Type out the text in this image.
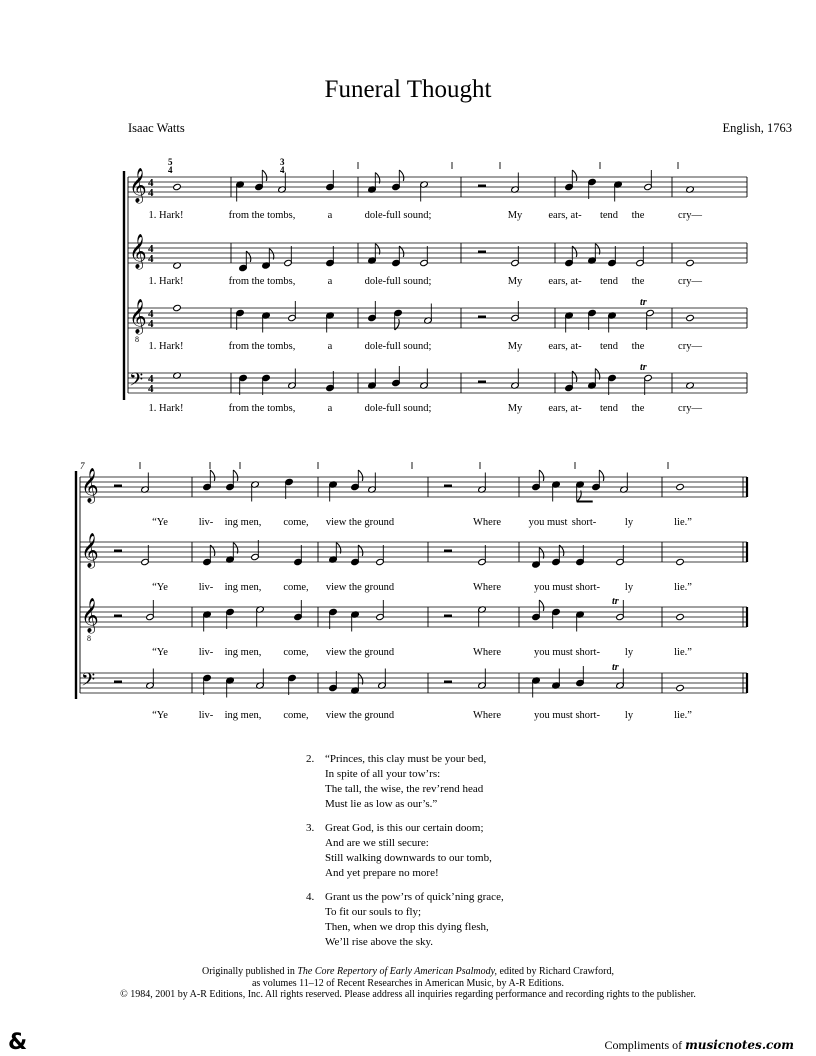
Funeral Thought
Isaac Watts	English, 1763
𝄞 4
4
𝄞 4
4
𝄞
8
4
4
𝄢 4
4
5
4
3
4
tr
tr
1. Hark!	from the tombs,	a	dole-full sound;	My ears, at- tend the	cry—
1. Hark!	from the tombs,	a	dole-full sound;	My ears, at- tend the	cry—
1. Hark!	from the tombs,	a	dole-full sound;	My ears, at- tend the	cry—
1. Hark!	from the tombs,	a	dole-full sound;	My ears, at- tend the	cry—
𝄞
𝄞
𝄞
8
𝄢
7
tr
tr
“Ye	liv- ing men, come, view the ground	Where	you must short-	ly	lie.”
“Ye	liv- ing men, come, view the ground	Where	you must short- ly	lie.”
“Ye	liv- ing men, come, view the ground	Where	you must short- ly	lie.”
“Ye	liv- ing men, come, view the ground	Where	you must short- ly	lie.”
2. “Princes, this clay must be your bed,
In spite of all your tow’rs:
The tall, the wise, the rev’rend head
Must lie as low as our’s.”
3. Great God, is this our certain doom;
And are we still secure:
Still walking downwards to our tomb,
And yet prepare no more!
4. Grant us the pow’rs of quick’ning grace,
To fit our souls to fly;
Then, when we drop this dying flesh,
We’ll rise above the sky.
Originally published in The Core Repertory of Early American Psalmody, edited by Richard Crawford,
as volumes 11–12 of Recent Researches in American Music, by A-R Editions.
© 1984, 2001 by A-R Editions, Inc. All rights reserved. Please address all inquiries regarding performance and recording rights to the publisher.
&	Compliments of musicnotes.com
